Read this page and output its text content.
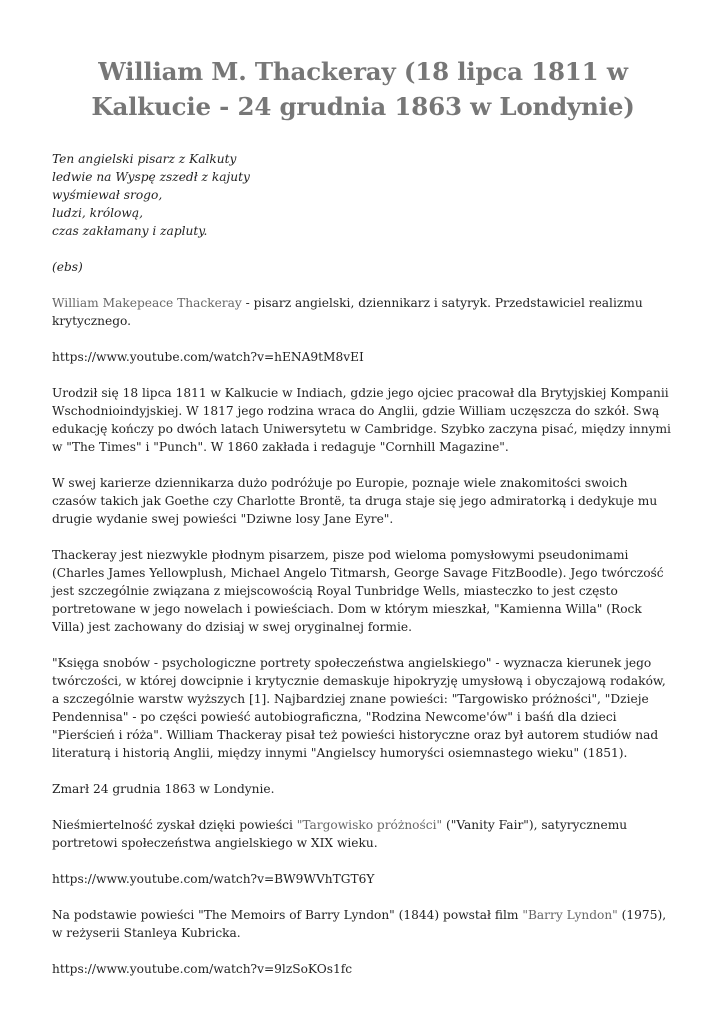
William M. Thackeray (18 lipca 1811 w Kalkucie - 24 grudnia 1863 w Londynie)
Ten angielski pisarz z Kalkuty
ledwie na Wyspę zszedł z kajuty
wyśmiewał srogo,
ludzi, królową,
czas zakłamany i zapluty.
(ebs)

William Makepeace Thackeray - pisarz angielski, dziennikarz i satyryk. Przedstawiciel realizmu krytycznego.

https://www.youtube.com/watch?v=hENA9tM8vEI

Urodził się 18 lipca 1811 w Kalkucie w Indiach, gdzie jego ojciec pracował dla Brytyjskiej Kompanii Wschodnioindyjskiej. W 1817 jego rodzina wraca do Anglii, gdzie William uczęszcza do szkół. Swą edukację kończy po dwóch latach Uniwersytetu w Cambridge. Szybko zaczyna pisać, między innymi w "The Times" i "Punch". W 1860 zakłada i redaguje "Cornhill Magazine".

W swej karierze dziennikarza dużo podróżuje po Europie, poznaje wiele znakomitości swoich czasów takich jak Goethe czy Charlotte Brontë, ta druga staje się jego admiratorką i dedykuje mu drugie wydanie swej powieści "Dziwne losy Jane Eyre".

Thackeray jest niezwykle płodnym pisarzem, pisze pod wieloma pomysłowymi pseudonimami (Charles James Yellowplush, Michael Angelo Titmarsh, George Savage FitzBoodle). Jego twórczość jest szczególnie związana z miejscowością Royal Tunbridge Wells, miasteczko to jest często portretowane w jego nowelach i powieściach. Dom w którym mieszkał, "Kamienna Willa" (Rock Villa) jest zachowany do dzisiaj w swej oryginalnej formie.

"Księga snobów - psychologiczne portrety społeczeństwa angielskiego" - wyznacza kierunek jego twórczości, w której dowcipnie i krytycznie demaskuje hipokryzję umysłową i obyczajową rodaków, a szczególnie warstw wyższych [1]. Najbardziej znane powieści: "Targowisko próżności", "Dzieje Pendennisa" - po części powieść autobiograficzna, "Rodzina Newcome'ów" i baśń dla dzieci "Pierścień i róża". William Thackeray pisał też powieści historyczne oraz był autorem studiów nad literaturą i historią Anglii, między innymi "Angielscy humoryści osiemnastego wieku" (1851).

Zmarł 24 grudnia 1863 w Londynie.

Nieśmiertelność zyskał dzięki powieści "Targowisko próżności" ("Vanity Fair"), satyrycznemu portretowi społeczeństwa angielskiego w XIX wieku.

https://www.youtube.com/watch?v=BW9WVhTGT6Y

Na podstawie powieści "The Memoirs of Barry Lyndon" (1844) powstał film "Barry Lyndon" (1975), w reżyserii Stanleya Kubricka.

https://www.youtube.com/watch?v=9lzSoKOs1fc
